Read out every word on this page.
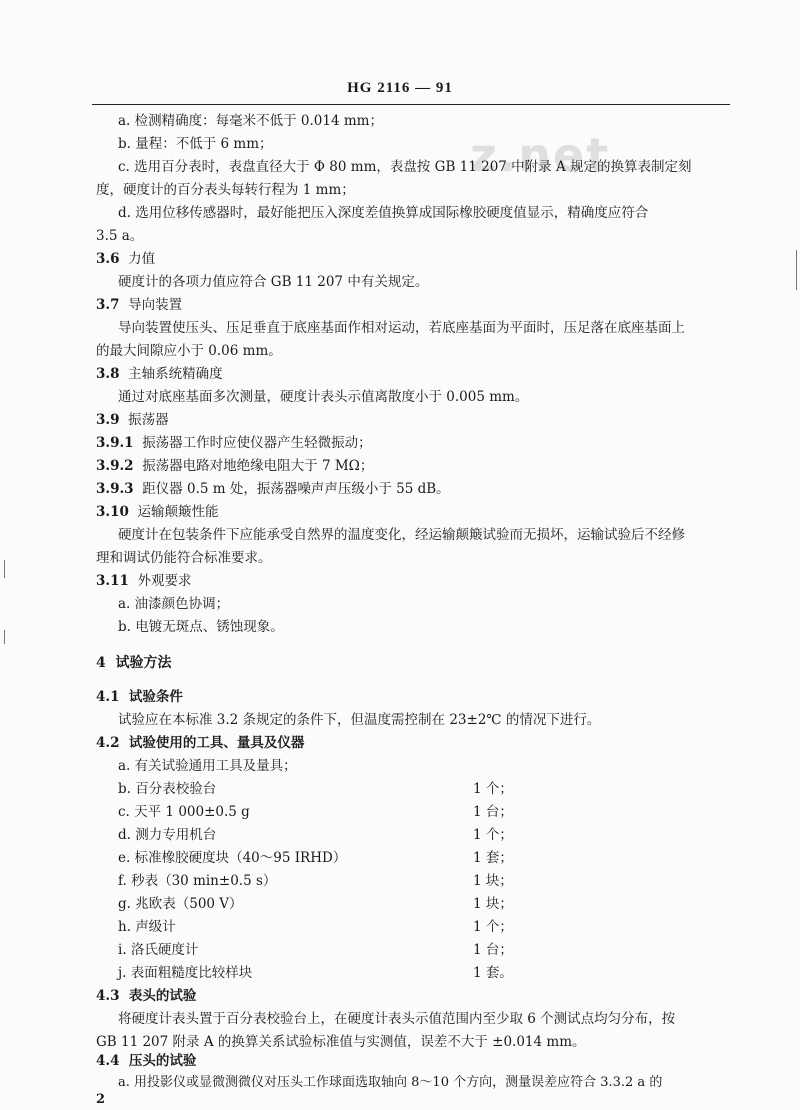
z.net
HG 2116 — 91
a. 检测精确度：每毫米不低于 0.014 mm；
b. 量程：不低于 6 mm；
c. 选用百分表时，表盘直径大于 Φ 80 mm，表盘按 GB 11 207 中附录 A 规定的换算表制定刻
度，硬度计的百分表头每转行程为 1 mm；
d. 选用位移传感器时，最好能把压入深度差值换算成国际橡胶硬度值显示，精确度应符合
3.5 a。
3.6 力值
硬度计的各项力值应符合 GB 11 207 中有关规定。
3.7 导向装置
导向装置使压头、压足垂直于底座基面作相对运动，若底座基面为平面时，压足落在底座基面上
的最大间隙应小于 0.06 mm。
3.8 主轴系统精确度
通过对底座基面多次测量，硬度计表头示值离散度小于 0.005 mm。
3.9 振荡器
3.9.1 振荡器工作时应使仪器产生轻微振动；
3.9.2 振荡器电路对地绝缘电阻大于 7 MΩ；
3.9.3 距仪器 0.5 m 处，振荡器噪声声压级小于 55 dB。
3.10 运输颠簸性能
硬度计在包装条件下应能承受自然界的温度变化，经运输颠簸试验而无损坏，运输试验后不经修
理和调试仍能符合标准要求。
3.11 外观要求
a. 油漆颜色协调；
b. 电镀无斑点、锈蚀现象。
4 试验方法
4.1 试验条件
试验应在本标准 3.2 条规定的条件下，但温度需控制在 23±2℃ 的情况下进行。
4.2 试验使用的工具、量具及仪器
a. 有关试验通用工具及量具；
b. 百分表校验台	1 个；
c. 天平 1 000±0.5 g	1 台；
d. 测力专用机台	1 个；
e. 标准橡胶硬度块（40～95 IRHD）	1 套；
f. 秒表（30 min±0.5 s）	1 块；
g. 兆欧表（500 V）	1 块；
h. 声级计	1 个；
i. 洛氏硬度计	1 台；
j. 表面粗糙度比较样块	1 套。
4.3 表头的试验
将硬度计表头置于百分表校验台上，在硬度计表头示值范围内至少取 6 个测试点均匀分布，按
GB 11 207 附录 A 的换算关系试验标准值与实测值，误差不大于 ±0.014 mm。
4.4 压头的试验
a. 用投影仪或显微测微仪对压头工作球面选取轴向 8～10 个方向，测量误差应符合 3.3.2 a 的
2
